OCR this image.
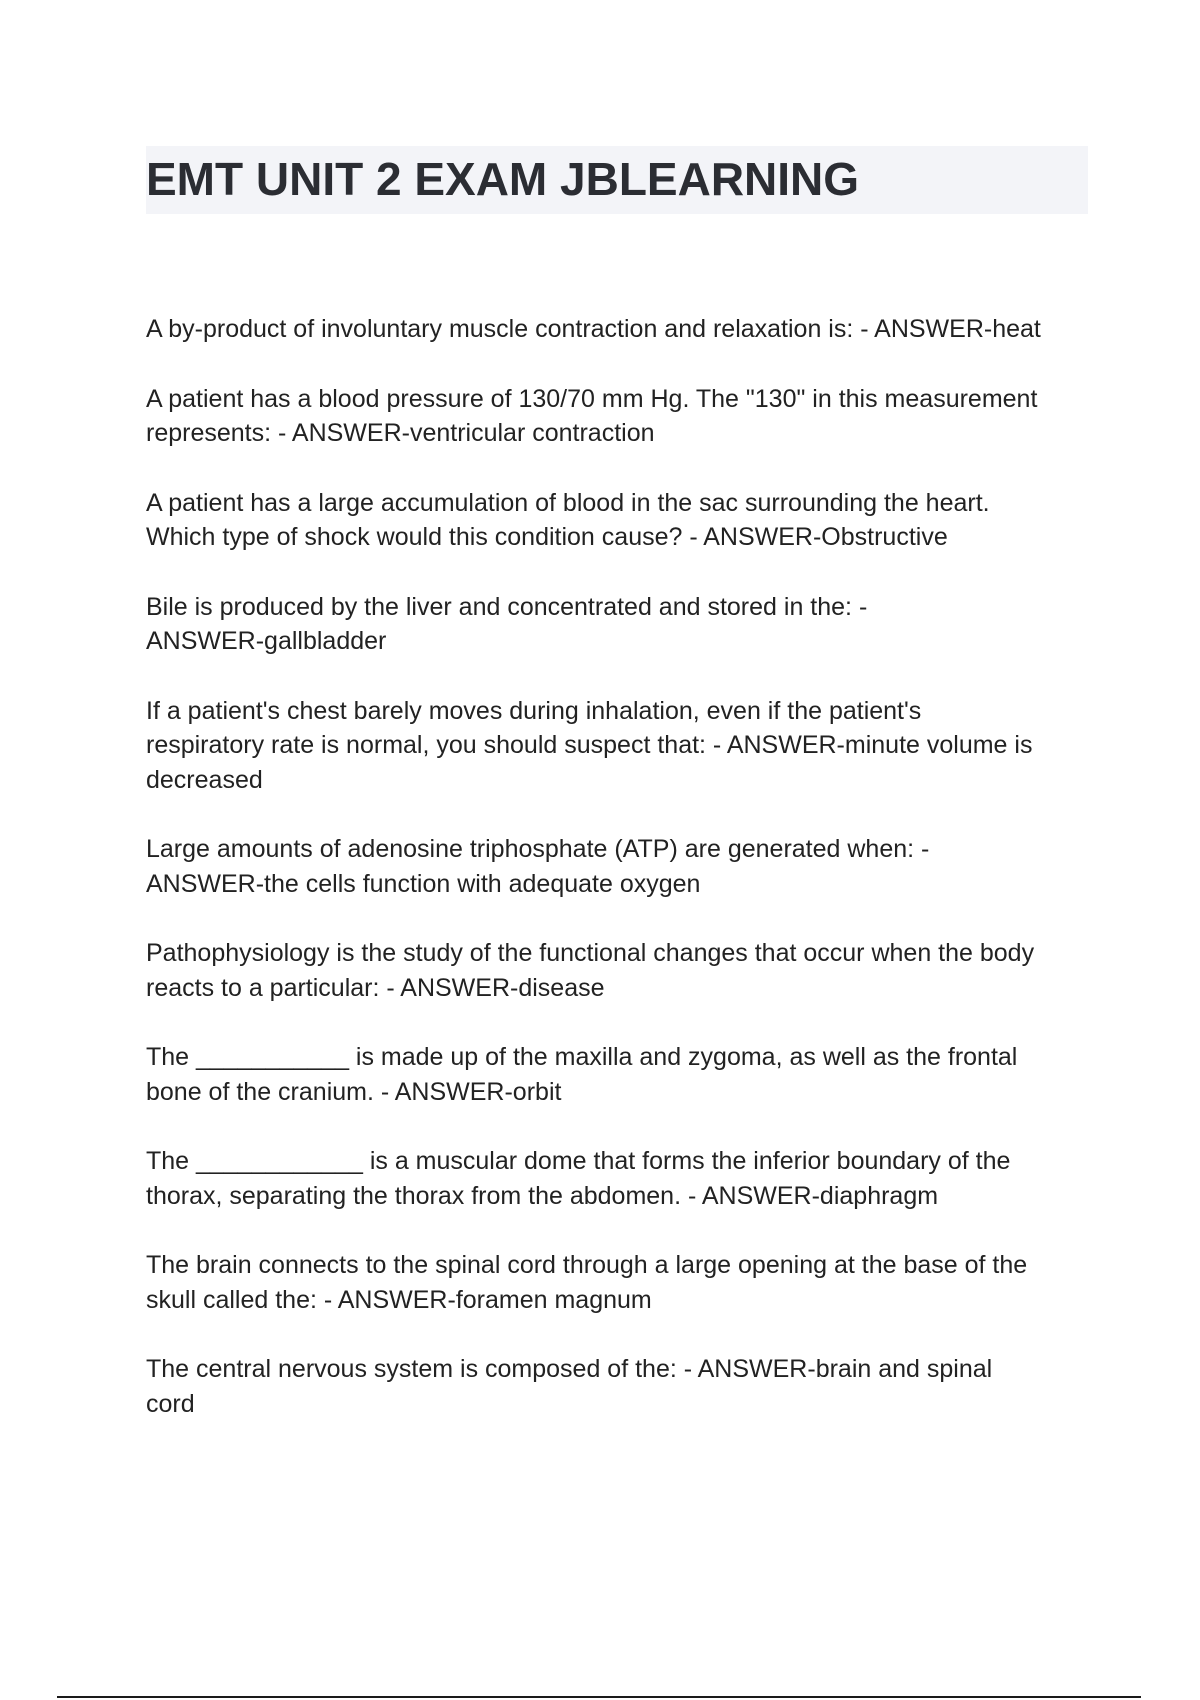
EMT UNIT 2 EXAM JBLEARNING
A by-product of involuntary muscle contraction and relaxation is: - ANSWER-heat
A patient has a blood pressure of 130/70 mm Hg. The "130" in this measurement
represents: - ANSWER-ventricular contraction
A patient has a large accumulation of blood in the sac surrounding the heart.
Which type of shock would this condition cause? - ANSWER-Obstructive
Bile is produced by the liver and concentrated and stored in the: -
ANSWER-gallbladder
If a patient's chest barely moves during inhalation, even if the patient's
respiratory rate is normal, you should suspect that: - ANSWER-minute volume is
decreased
Large amounts of adenosine triphosphate (ATP) are generated when: -
ANSWER-the cells function with adequate oxygen
Pathophysiology is the study of the functional changes that occur when the body
reacts to a particular: - ANSWER-disease
The ___________ is made up of the maxilla and zygoma, as well as the frontal
bone of the cranium. - ANSWER-orbit
The ____________ is a muscular dome that forms the inferior boundary of the
thorax, separating the thorax from the abdomen. - ANSWER-diaphragm
The brain connects to the spinal cord through a large opening at the base of the
skull called the: - ANSWER-foramen magnum
The central nervous system is composed of the: - ANSWER-brain and spinal
cord
